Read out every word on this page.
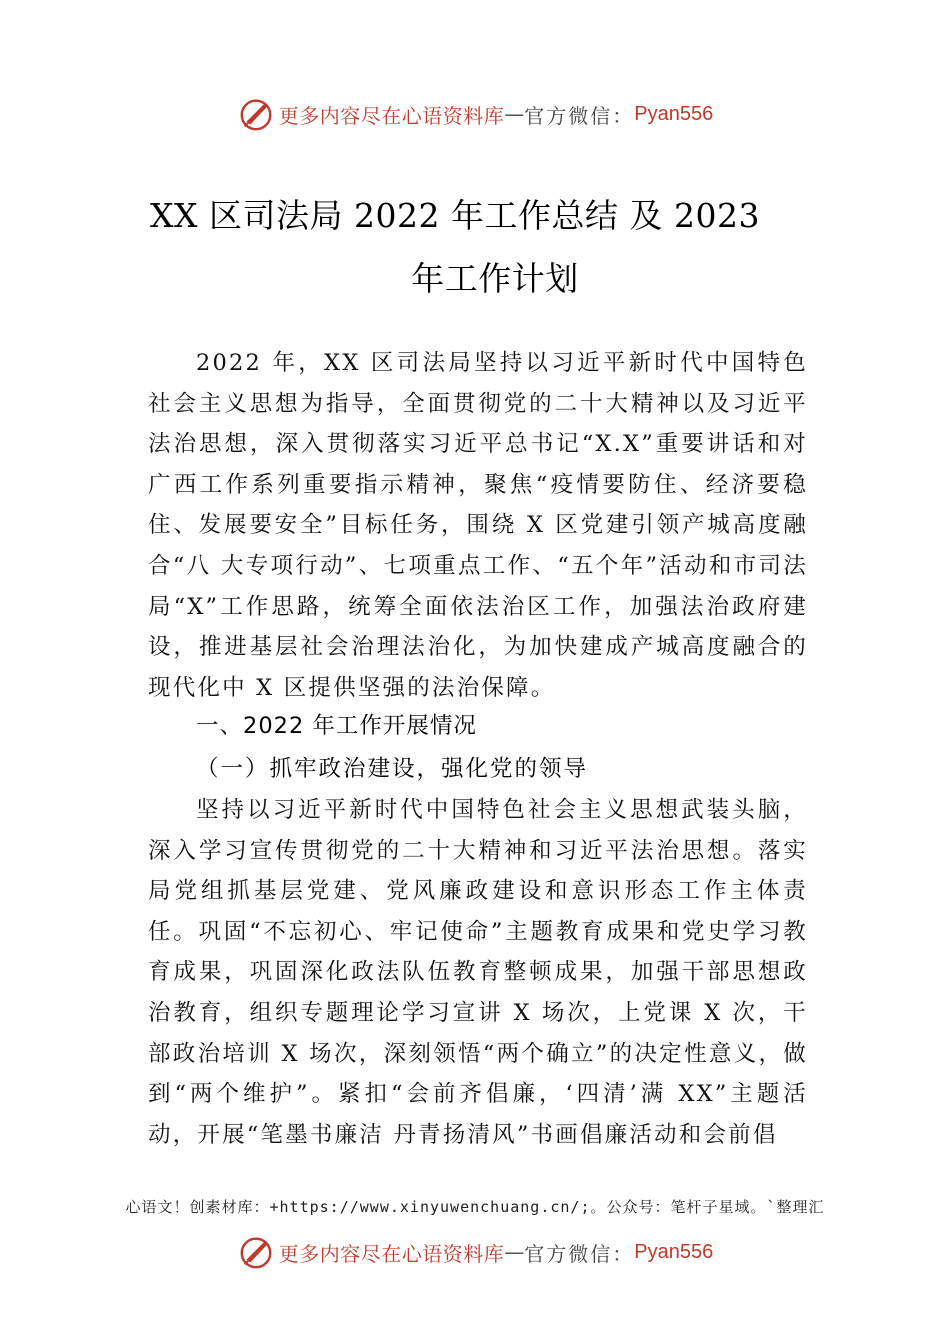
更多内容尽在心语资料库 — 官方微信： Pyan556
XX 区司法局 2022 年工作总结 及 2023
年工作计划
2022 年，XX 区司法局坚持以习近平新时代中国特色社会主义思想为指导，全面贯彻党的二十大精神以及习近平法治思想，深入贯彻落实习近平总书记“X.X”重要讲话和对广西工作系列重要指示精神，聚焦“疫情要防住、经济要稳住、发展要安全”目标任务，围绕 X 区党建引领产城高度融合“八 大专项行动”、七项重点工作、“五个年”活动和市司法局“X”工作思路，统筹全面依法治区工作，加强法治政府建设，推进基层社会治理法治化，为加快建成产城高度融合的现代化中 X 区提供坚强的法治保障。
一、2022 年工作开展情况
（一）抓牢政治建设，强化党的领导
坚持以习近平新时代中国特色社会主义思想武装头脑，深入学习宣传贯彻党的二十大精神和习近平法治思想。落实局党组抓基层党建、党风廉政建设和意识形态工作主体责任。巩固“不忘初心、牢记使命”主题教育成果和党史学习教育成果，巩固深化政法队伍教育整顿成果，加强干部思想政治教育，组织专题理论学习宣讲 X 场次，上党课 X 次，干部政治培训 X 场次，深刻领悟“两个确立”的决定性意义，做到“两个维护”。紧扣“会前齐倡廉，‘四清’满 XX”主题活动，开展“笔墨书廉洁 丹青扬清风”书画倡廉活动和会前倡
心语文！创素材库：+https://www.xinyuwenchuang.cn/;。公众号：笔杆子星域。`整理汇
更多内容尽在心语资料库 — 官方微信： Pyan556
